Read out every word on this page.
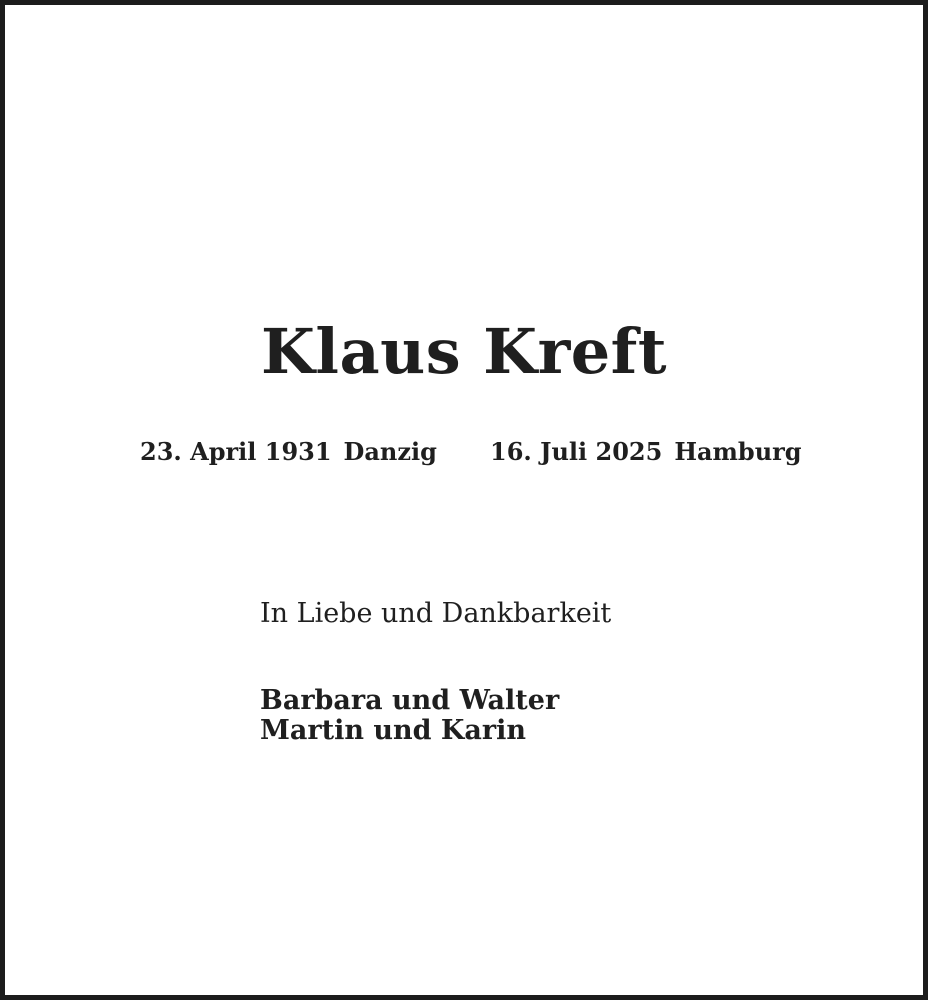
Klaus Kreft
23. April 1931 Danzig 16. Juli 2025 Hamburg
In Liebe und Dankbarkeit
Barbara und Walter
Martin und Karin
